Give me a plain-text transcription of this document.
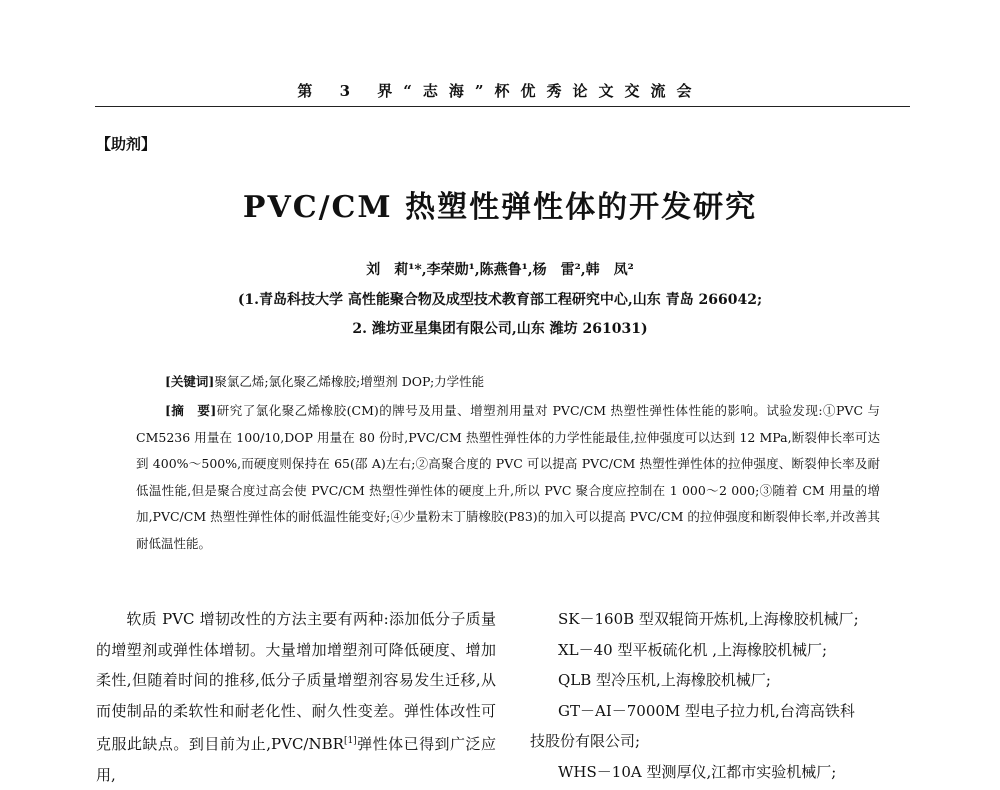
第 3 界“志海”杯优秀论文交流会
【助剂】
PVC/CM 热塑性弹性体的开发研究
刘　莉¹*,李荣勋¹,陈燕鲁¹,杨　雷²,韩　凤²
(1.青岛科技大学 高性能聚合物及成型技术教育部工程研究中心,山东 青岛 266042;
2. 潍坊亚星集团有限公司,山东 潍坊 261031)
[关键词]聚氯乙烯;氯化聚乙烯橡胶;增塑剂 DOP;力学性能
[摘　要]研究了氯化聚乙烯橡胶(CM)的牌号及用量、增塑剂用量对 PVC/CM 热塑性弹性体性能的影响。试验发现:①PVC 与 CM5236 用量在 100/10,DOP 用量在 80 份时,PVC/CM 热塑性弹性体的力学性能最佳,拉伸强度可以达到 12 MPa,断裂伸长率可达到 400%～500%,而硬度则保持在 65(邵 A)左右;②高聚合度的 PVC 可以提高 PVC/CM 热塑性弹性体的拉伸强度、断裂伸长率及耐低温性能,但是聚合度过高会使 PVC/CM 热塑性弹性体的硬度上升,所以 PVC 聚合度应控制在 1 000～2 000;③随着 CM 用量的增加,PVC/CM 热塑性弹性体的耐低温性能变好;④少量粉末丁腈橡胶(P83)的加入可以提高 PVC/CM 的拉伸强度和断裂伸长率,并改善其耐低温性能。
软质 PVC 增韧改性的方法主要有两种:添加低分子质量的增塑剂或弹性体增韧。大量增加增塑剂可降低硬度、增加柔性,但随着时间的推移,低分子质量增塑剂容易发生迁移,从而使制品的柔软性和耐老化性、耐久性变差。弹性体改性可克服此缺点。到目前为止,PVC/NBR[1]弹性体已得到广泛应用,
SK－160B 型双辊筒开炼机,上海橡胶机械厂;
XL－40 型平板硫化机 ,上海橡胶机械厂;
QLB 型冷压机,上海橡胶机械厂;
GT－AI－7000M 型电子拉力机,台湾高铁科
技股份有限公司;
WHS－10A 型测厚仪,江都市实验机械厂;
